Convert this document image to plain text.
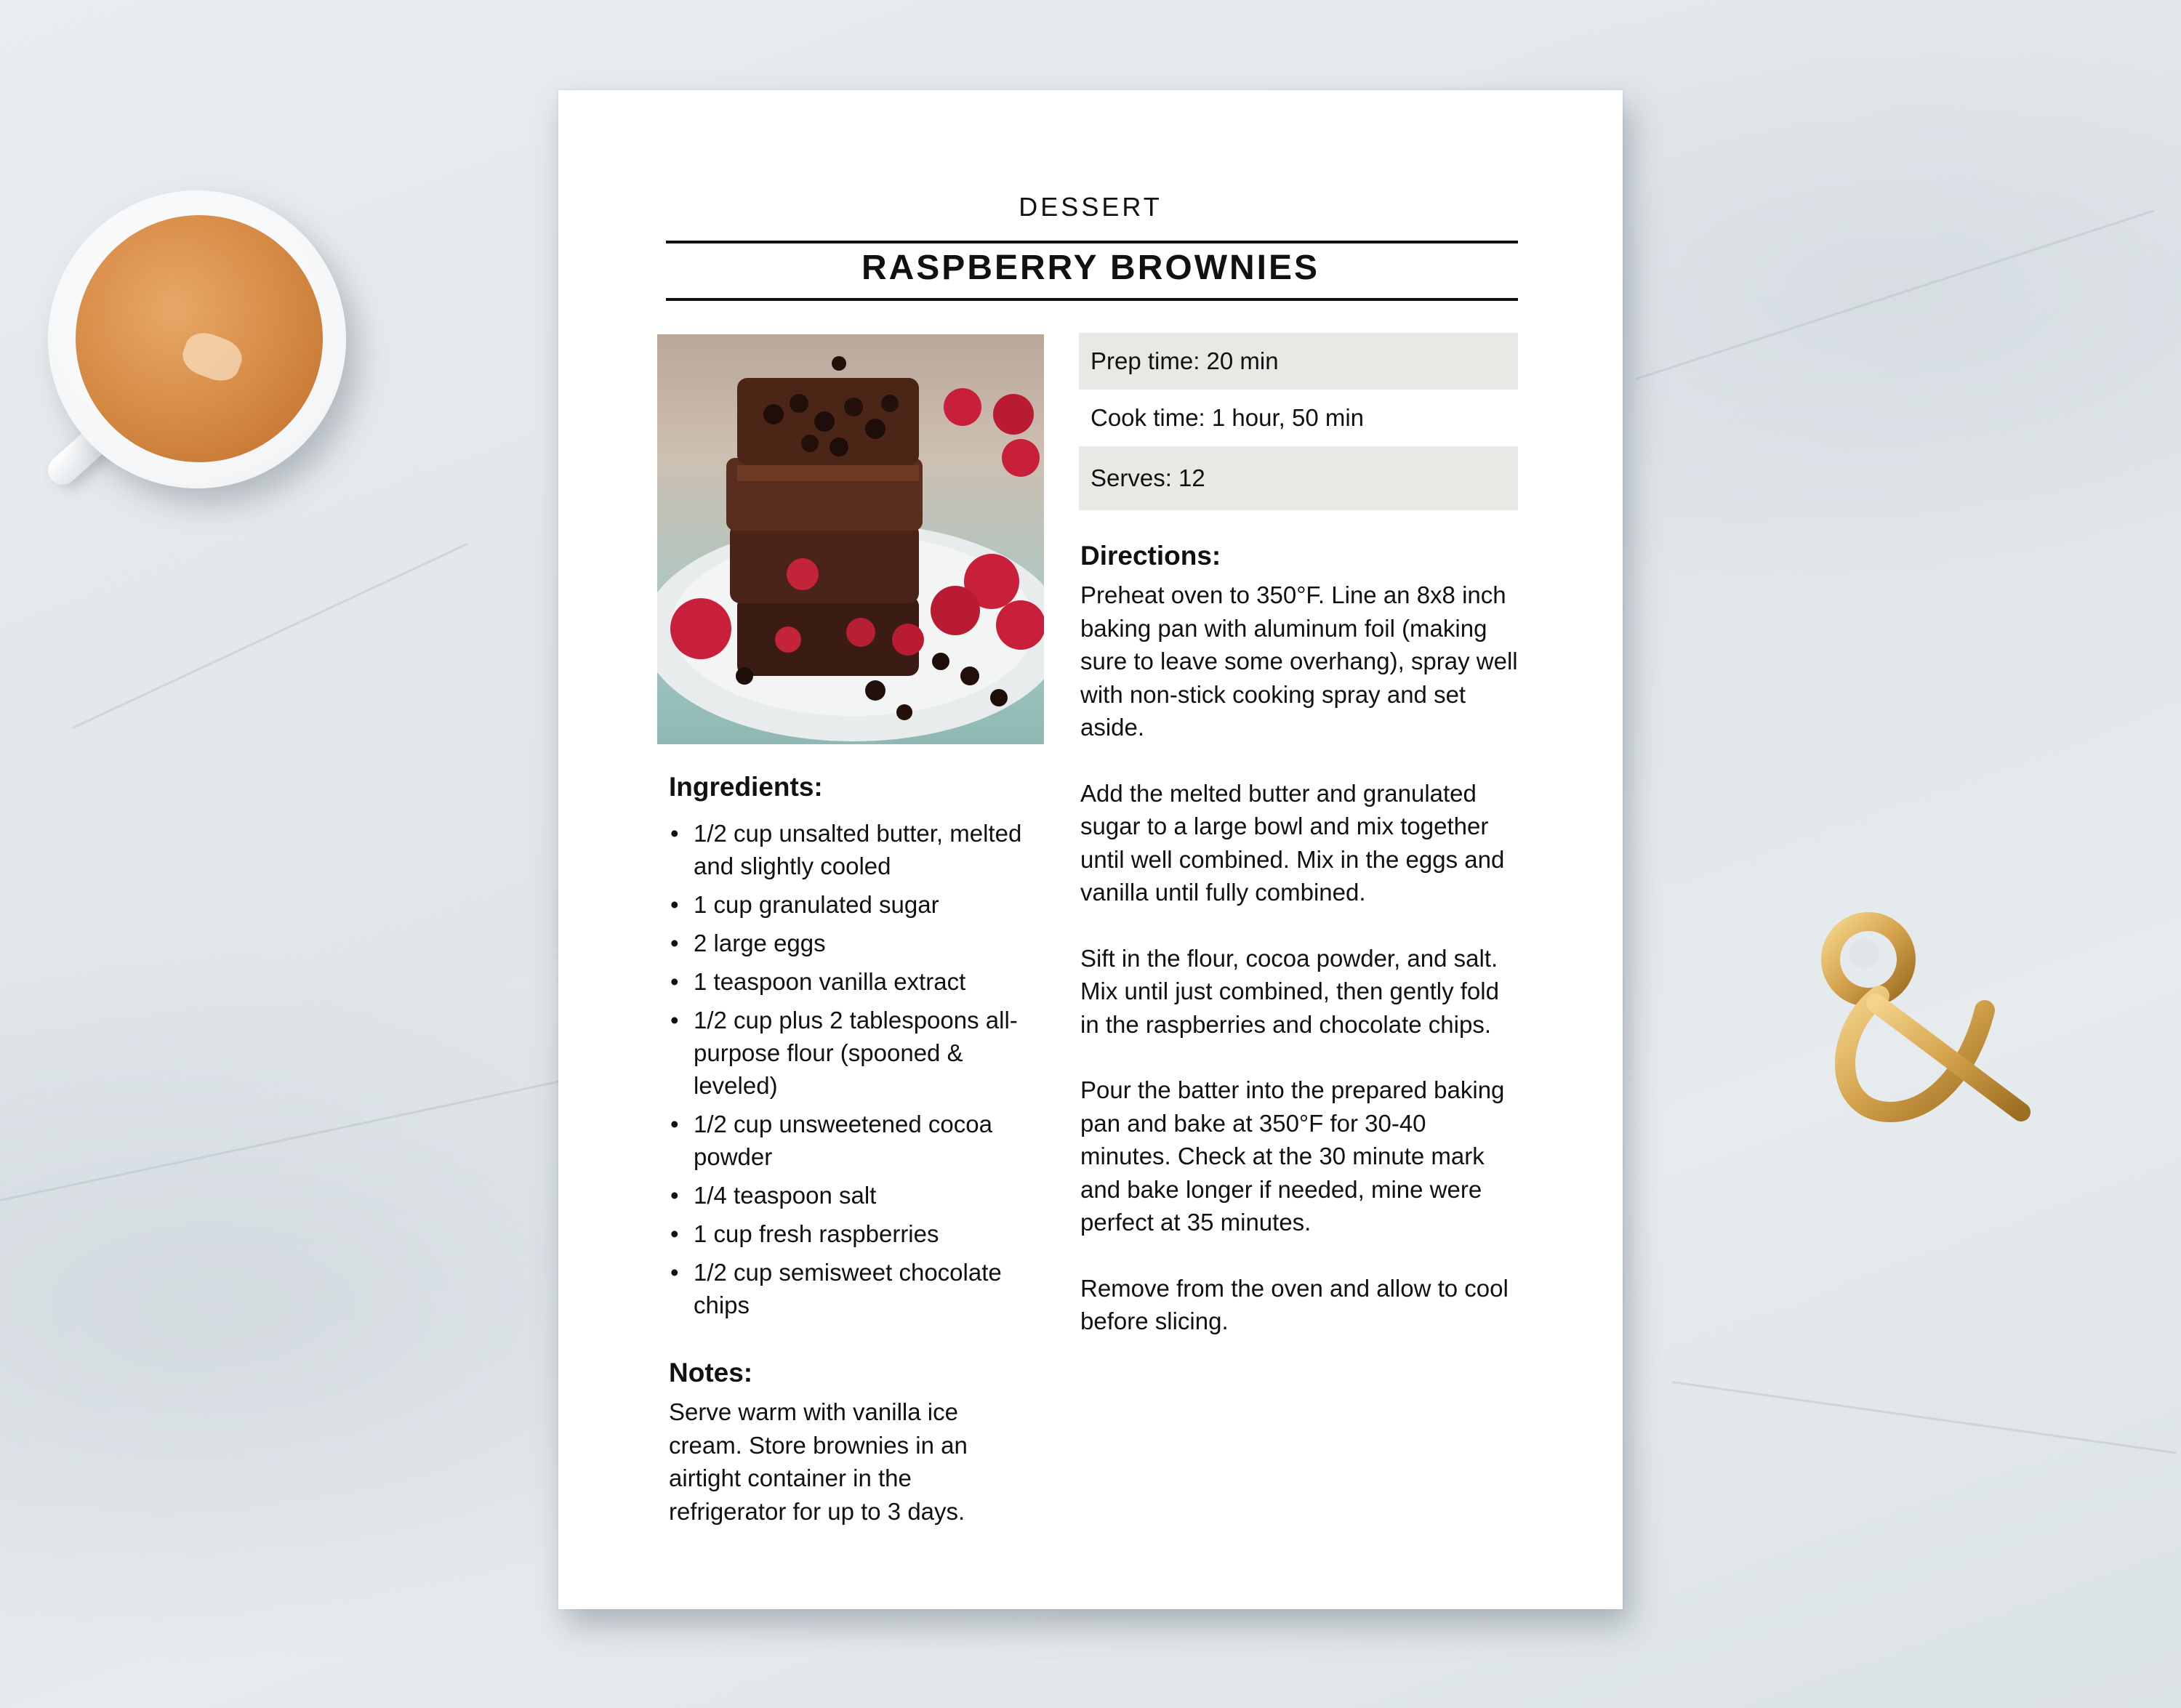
DESSERT
RASPBERRY BROWNIES
Prep time: 20 min
Cook time: 1 hour, 50 min
Serves: 12
Ingredients:
• 1/2 cup unsalted butter, melted and slightly cooled
• 1 cup granulated sugar
• 2 large eggs
• 1 teaspoon vanilla extract
• 1/2 cup plus 2 tablespoons all-purpose flour (spooned & leveled)
• 1/2 cup unsweetened cocoa powder
• 1/4 teaspoon salt
• 1 cup fresh raspberries
• 1/2 cup semisweet chocolate chips
Notes:
Serve warm with vanilla ice cream. Store brownies in an airtight container in the refrigerator for up to 3 days.
Directions:

Preheat oven to 350°F. Line an 8x8 inch baking pan with aluminum foil (making sure to leave some overhang), spray well with non-stick cooking spray and set aside.

Add the melted butter and granulated sugar to a large bowl and mix together until well combined. Mix in the eggs and vanilla until fully combined.

Sift in the flour, cocoa powder, and salt. Mix until just combined, then gently fold in the raspberries and chocolate chips.

Pour the batter into the prepared baking pan and bake at 350°F for 30-40 minutes. Check at the 30 minute mark and bake longer if needed, mine were perfect at 35 minutes.

Remove from the oven and allow to cool before slicing.
